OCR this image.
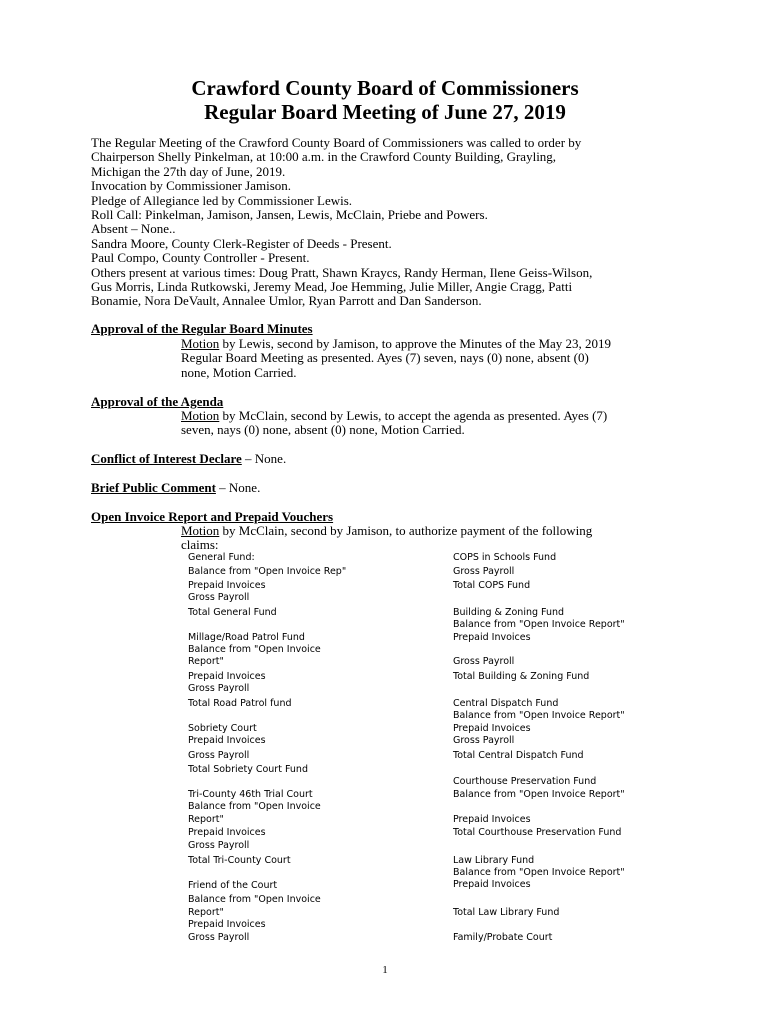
Crawford County Board of Commissioners
Regular Board Meeting of June 27, 2019
The Regular Meeting of the Crawford County Board of Commissioners was called to order by
Chairperson Shelly Pinkelman, at 10:00 a.m. in the Crawford County Building, Grayling,
Michigan the 27th day of June, 2019.
Invocation by Commissioner Jamison.
Pledge of Allegiance led by Commissioner Lewis.
Roll Call: Pinkelman, Jamison, Jansen, Lewis, McClain, Priebe and Powers.
Absent – None..
Sandra Moore, County Clerk-Register of Deeds - Present.
Paul Compo, County Controller - Present.
Others present at various times: Doug Pratt, Shawn Kraycs, Randy Herman, Ilene Geiss-Wilson,
Gus Morris, Linda Rutkowski, Jeremy Mead, Joe Hemming, Julie Miller, Angie Cragg, Patti
Bonamie, Nora DeVault, Annalee Umlor, Ryan Parrott and Dan Sanderson.
Approval of the Regular Board Minutes
Motion by Lewis, second by Jamison, to approve the Minutes of the May 23, 2019
Regular Board Meeting as presented. Ayes (7) seven, nays (0) none, absent (0)
none, Motion Carried.
Approval of the Agenda
Motion by McClain, second by Lewis, to accept the agenda as presented. Ayes (7)
seven, nays (0) none, absent (0) none, Motion Carried.
Conflict of Interest Declare – None.
Brief Public Comment – None.
Open Invoice Report and Prepaid Vouchers
Motion by McClain, second by Jamison, to authorize payment of the following
claims:
General Fund:
Balance from "Open Invoice Rep"
Prepaid Invoices
Gross Payroll
Total General Fund
Millage/Road Patrol Fund
Balance from "Open Invoice
Report"
Prepaid Invoices
Gross Payroll
Total Road Patrol fund
Sobriety Court
Prepaid Invoices
Gross Payroll
Total Sobriety Court Fund
Tri-County 46th Trial Court
Balance from "Open Invoice
Report"
Prepaid Invoices
Gross Payroll
Total Tri-County Court
Friend of the Court
Balance from "Open Invoice
Report"
Prepaid Invoices
Gross Payroll
COPS in Schools Fund
Gross Payroll
Total COPS Fund
Building & Zoning Fund
Balance from "Open Invoice Report"
Prepaid Invoices
Gross Payroll
Total Building & Zoning Fund
Central Dispatch Fund
Balance from "Open Invoice Report"
Prepaid Invoices
Gross Payroll
Total Central Dispatch Fund
Courthouse Preservation Fund
Balance from "Open Invoice Report"
Prepaid Invoices
Total Courthouse Preservation Fund
Law Library Fund
Balance from "Open Invoice Report"
Prepaid Invoices
Total Law Library Fund
Family/Probate Court
1
